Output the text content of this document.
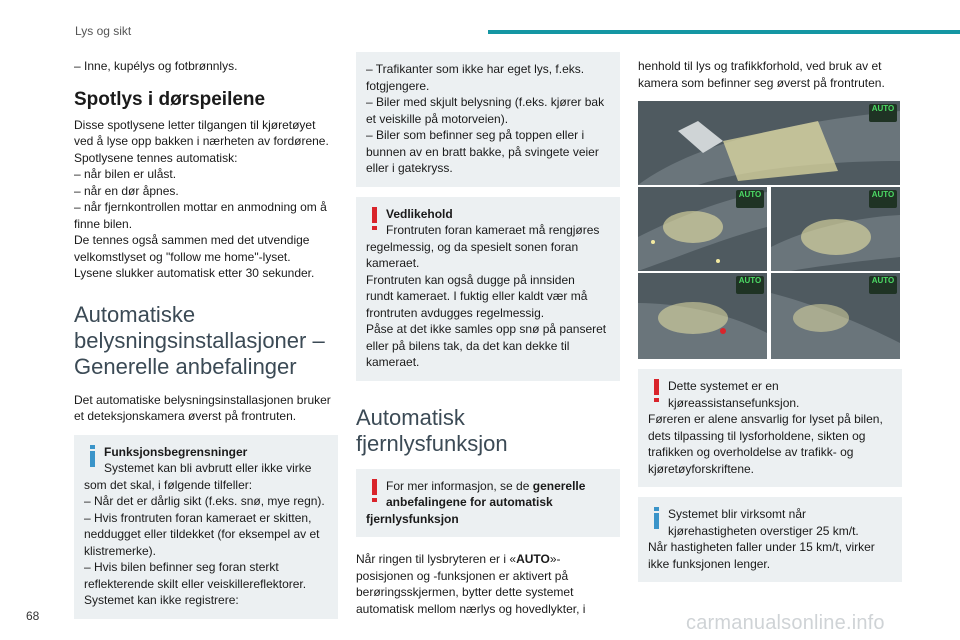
Lys og sikt

– Inne, kupélys og fotbrønnlys.

Spotlys i dørspeilene

Disse spotlysene letter tilgangen til kjøretøyet

ved å lyse opp bakken i nærheten av fordørene.

Spotlysene tennes automatisk:

– når bilen er ulåst.

– når en dør åpnes.

– når fjernkontrollen mottar en anmodning om å

finne bilen.

De tennes også sammen med det utvendige

velkomstlyset og "follow me home"-lyset.

Lysene slukker automatisk etter 30 sekunder.

Automatiske
belysningsinstallasjoner –
Generelle anbefalinger

Det automatiske belysningsinstallasjonen bruker

et deteksjonskamera øverst på frontruten.

Funksjonsbegrensninger

Systemet kan bli avbrutt eller ikke virke

som det skal, i følgende tilfeller:

– Når det er dårlig sikt (f.eks. snø, mye regn).

– Hvis frontruten foran kameraet er skitten,

neddugget eller tildekket (for eksempel av et

klistremerke).

– Hvis bilen befinner seg foran sterkt

reflekterende skilt eller veiskillereflektorer.

Systemet kan ikke registrere:

– Trafikanter som ikke har eget lys, f.eks.

fotgjengere.

– Biler med skjult belysning (f.eks. kjører bak

et veiskille på motorveien).

– Biler som befinner seg på toppen eller i

bunnen av en bratt bakke, på svingete veier

eller i gatekryss.

Vedlikehold

Frontruten foran kameraet må rengjøres

regelmessig, og da spesielt sonen foran

kameraet.

Frontruten kan også dugge på innsiden

rundt kameraet. I fuktig eller kaldt vær må

frontruten avdugges regelmessig.

Påse at det ikke samles opp snø på panseret

eller på bilens tak, da det kan dekke til

kameraet.

Automatisk
fjernlysfunksjon

For mer informasjon, se de generelle

anbefalingene for automatisk

fjernlysfunksjon

Når ringen til lysbryteren er i «AUTO»-

posisjonen og -funksjonen er aktivert på

berøringsskjermen, bytter dette systemet

automatisk mellom nærlys og hovedlykter, i

henhold til lys og trafikkforhold, ved bruk av et

kamera som befinner seg øverst på frontruten.

AUTO
AUTO	AUTO
AUTO	AUTO

Dette systemet er en

kjøreassistansefunksjon.

Føreren er alene ansvarlig for lyset på bilen,

dets tilpassing til lysforholdene, sikten og

trafikken og overholdelse av trafikk- og

kjøretøyforskriftene.

Systemet blir virksomt når

kjørehastigheten overstiger 25 km/t.

Når hastigheten faller under 15 km/t, virker

ikke funksjonen lenger.

68	carmanualsonline.info
